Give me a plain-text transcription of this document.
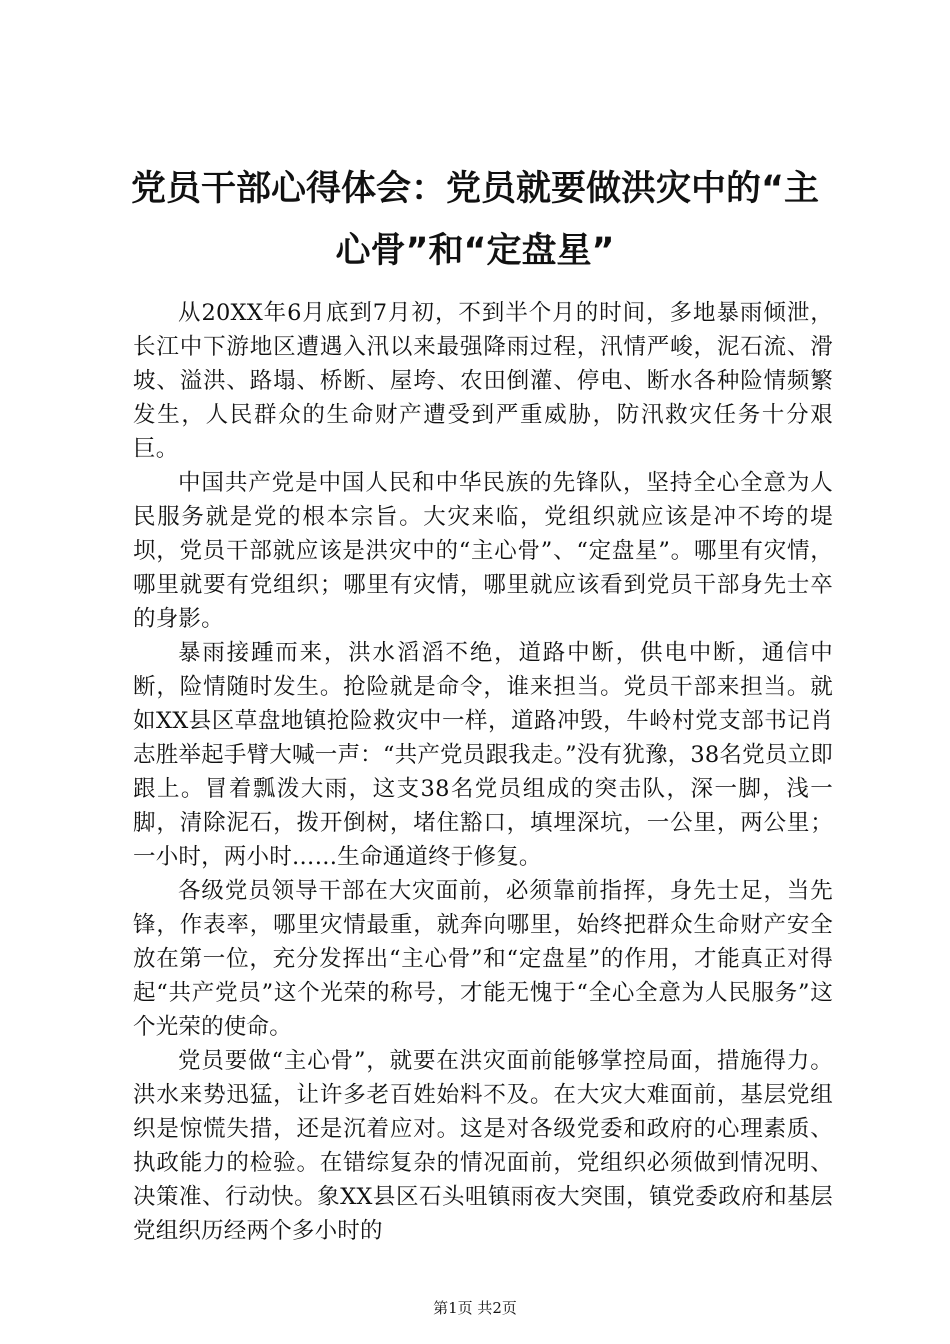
党员干部心得体会：党员就要做洪灾中的“主心骨”和“定盘星”

从20XX年6月底到7月初，不到半个月的时间，多地暴雨倾泄，长江中下游地区遭遇入汛以来最强降雨过程，汛情严峻，泥石流、滑坡、溢洪、路塌、桥断、屋垮、农田倒灌、停电、断水各种险情频繁发生，人民群众的生命财产遭受到严重威胁，防汛救灾任务十分艰巨。

中国共产党是中国人民和中华民族的先锋队，坚持全心全意为人民服务就是党的根本宗旨。大灾来临，党组织就应该是冲不垮的堤坝，党员干部就应该是洪灾中的“主心骨”、“定盘星”。哪里有灾情，哪里就要有党组织；哪里有灾情，哪里就应该看到党员干部身先士卒的身影。

暴雨接踵而来，洪水滔滔不绝，道路中断，供电中断，通信中断，险情随时发生。抢险就是命令，谁来担当。党员干部来担当。就如XX县区草盘地镇抢险救灾中一样，道路冲毁，牛岭村党支部书记肖志胜举起手臂大喊一声：“共产党员跟我走。”没有犹豫，38名党员立即跟上。冒着瓢泼大雨，这支38名党员组成的突击队，深一脚，浅一脚，清除泥石，拨开倒树，堵住豁口，填埋深坑，一公里，两公里；一小时，两小时……生命通道终于修复。

各级党员领导干部在大灾面前，必须靠前指挥，身先士足，当先锋，作表率，哪里灾情最重，就奔向哪里，始终把群众生命财产安全放在第一位，充分发挥出“主心骨”和“定盘星”的作用，才能真正对得起“共产党员”这个光荣的称号，才能无愧于“全心全意为人民服务”这个光荣的使命。

党员要做“主心骨”，就要在洪灾面前能够掌控局面，措施得力。洪水来势迅猛，让许多老百姓始料不及。在大灾大难面前，基层党组织是惊慌失措，还是沉着应对。这是对各级党委和政府的心理素质、执政能力的检验。在错综复杂的情况面前，党组织必须做到情况明、决策准、行动快。象XX县区石头咀镇雨夜大突围，镇党委政府和基层党组织历经两个多小时的

第1页 共2页
